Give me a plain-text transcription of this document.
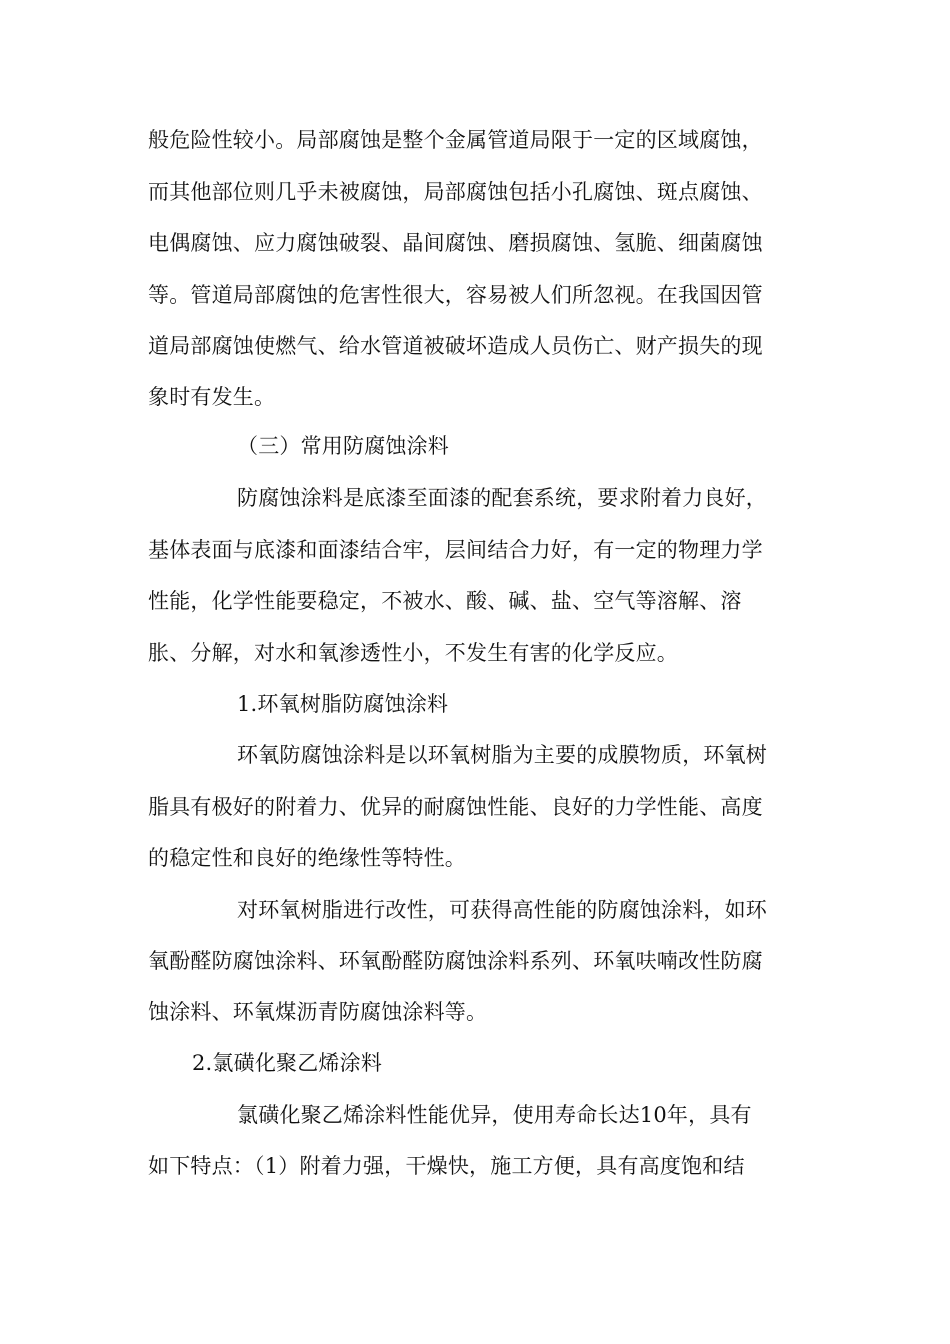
般危险性较小。局部腐蚀是整个金属管道局限于一定的区域腐蚀，
而其他部位则几乎未被腐蚀，局部腐蚀包括小孔腐蚀、斑点腐蚀、
电偶腐蚀、应力腐蚀破裂、晶间腐蚀、磨损腐蚀、氢脆、细菌腐蚀
等。管道局部腐蚀的危害性很大，容易被人们所忽视。在我国因管
道局部腐蚀使燃气、给水管道被破坏造成人员伤亡、财产损失的现
象时有发生。
（三）常用防腐蚀涂料
防腐蚀涂料是底漆至面漆的配套系统，要求附着力良好，
基体表面与底漆和面漆结合牢，层间结合力好，有一定的物理力学
性能，化学性能要稳定，不被水、酸、碱、盐、空气等溶解、溶
胀、分解，对水和氧渗透性小，不发生有害的化学反应。
1.环氧树脂防腐蚀涂料
环氧防腐蚀涂料是以环氧树脂为主要的成膜物质，环氧树
脂具有极好的附着力、优异的耐腐蚀性能、良好的力学性能、高度
的稳定性和良好的绝缘性等特性。
对环氧树脂进行改性，可获得高性能的防腐蚀涂料，如环
氧酚醛防腐蚀涂料、环氧酚醛防腐蚀涂料系列、环氧呋喃改性防腐
蚀涂料、环氧煤沥青防腐蚀涂料等。
2.氯磺化聚乙烯涂料
氯磺化聚乙烯涂料性能优异，使用寿命长达10年，具有
如下特点：（1）附着力强，干燥快，施工方便，具有高度饱和结
